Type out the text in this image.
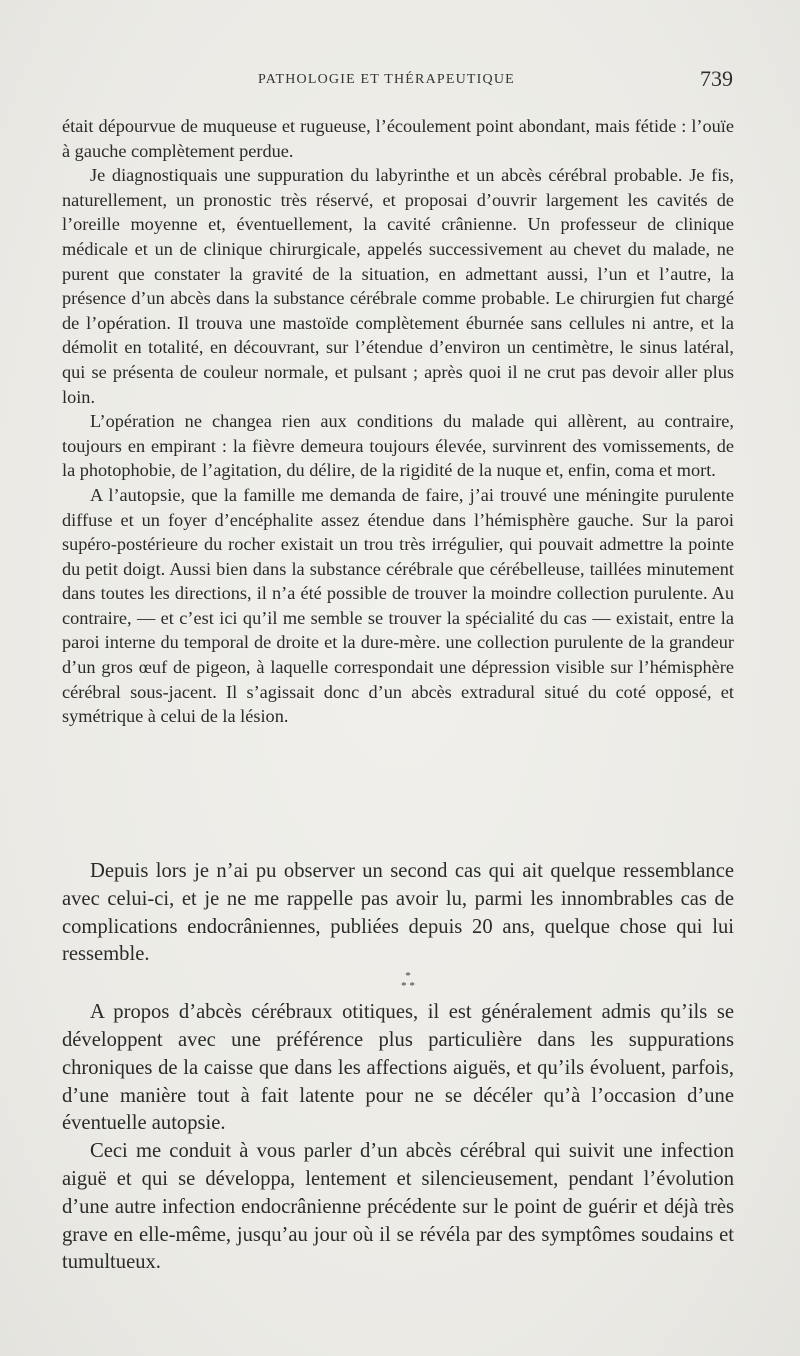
PATHOLOGIE ET THÉRAPEUTIQUE	739

était dépourvue de muqueuse et rugueuse, l’écoulement point abondant, mais fétide : l’ouïe à gauche complètement perdue.

Je diagnostiquais une suppuration du labyrinthe et un abcès cérébral probable. Je fis, naturellement, un pronostic très réservé, et proposai d’ouvrir largement les cavités de l’oreille moyenne et, éventuellement, la cavité crânienne. Un professeur de clinique médicale et un de clinique chirurgicale, appelés successivement au chevet du malade, ne purent que constater la gravité de la situation, en admettant aussi, l’un et l’autre, la présence d’un abcès dans la substance cérébrale comme probable. Le chirurgien fut chargé de l’opération. Il trouva une mastoïde complètement éburnée sans cellules ni antre, et la démolit en totalité, en découvrant, sur l’étendue d’environ un centimètre, le sinus latéral, qui se présenta de couleur normale, et pulsant ; après quoi il ne crut pas devoir aller plus loin.

L’opération ne changea rien aux conditions du malade qui allèrent, au contraire, toujours en empirant : la fièvre demeura toujours élevée, survinrent des vomissements, de la photophobie, de l’agitation, du délire, de la rigidité de la nuque et, enfin, coma et mort.

A l’autopsie, que la famille me demanda de faire, j’ai trouvé une méningite purulente diffuse et un foyer d’encéphalite assez étendue dans l’hémisphère gauche. Sur la paroi supéro-postérieure du rocher existait un trou très irrégulier, qui pouvait admettre la pointe du petit doigt. Aussi bien dans la substance cérébrale que cérébelleuse, taillées minutement dans toutes les directions, il n’a été possible de trouver la moindre collection purulente. Au contraire, — et c’est ici qu’il me semble se trouver la spécialité du cas — existait, entre la paroi interne du temporal de droite et la dure-mère. une collection purulente de la grandeur d’un gros œuf de pigeon, à laquelle correspondait une dépression visible sur l’hémisphère cérébral sous-jacent. Il s’agissait donc d’un abcès extradural situé du coté opposé, et symétrique à celui de la lésion.

Depuis lors je n’ai pu observer un second cas qui ait quelque ressemblance avec celui-ci, et je ne me rappelle pas avoir lu, parmi les innombrables cas de complications endocrâniennes, publiées depuis 20 ans, quelque chose qui lui ressemble.

*
* *

A propos d’abcès cérébraux otitiques, il est généralement admis qu’ils se développent avec une préférence plus particulière dans les suppurations chroniques de la caisse que dans les affections aiguës, et qu’ils évoluent, parfois, d’une manière tout à fait latente pour ne se décéler qu’à l’occasion d’une éventuelle autopsie.

Ceci me conduit à vous parler d’un abcès cérébral qui suivit une infection aiguë et qui se développa, lentement et silencieusement, pendant l’évolution d’une autre infection endocrânienne précédente sur le point de guérir et déjà très grave en elle-même, jusqu’au jour où il se révéla par des symptômes soudains et tumultueux.
